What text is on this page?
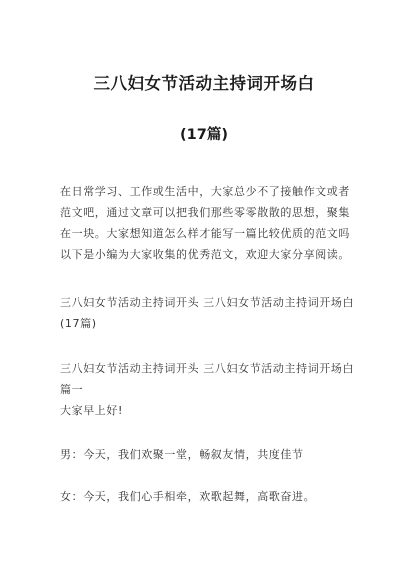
三八妇女节活动主持词开场白
(17篇)
在日常学习、工作或生活中，大家总少不了接触作文或者
范文吧，通过文章可以把我们那些零零散散的思想，聚集
在一块。大家想知道怎么样才能写一篇比较优质的范文吗
以下是小编为大家收集的优秀范文，欢迎大家分享阅读。
三八妇女节活动主持词开头 三八妇女节活动主持词开场白
(17篇)
三八妇女节活动主持词开头 三八妇女节活动主持词开场白
篇一
大家早上好!
男：今天，我们欢聚一堂，畅叙友情，共度佳节
女：今天，我们心手相牵，欢歌起舞，高歌奋进。
